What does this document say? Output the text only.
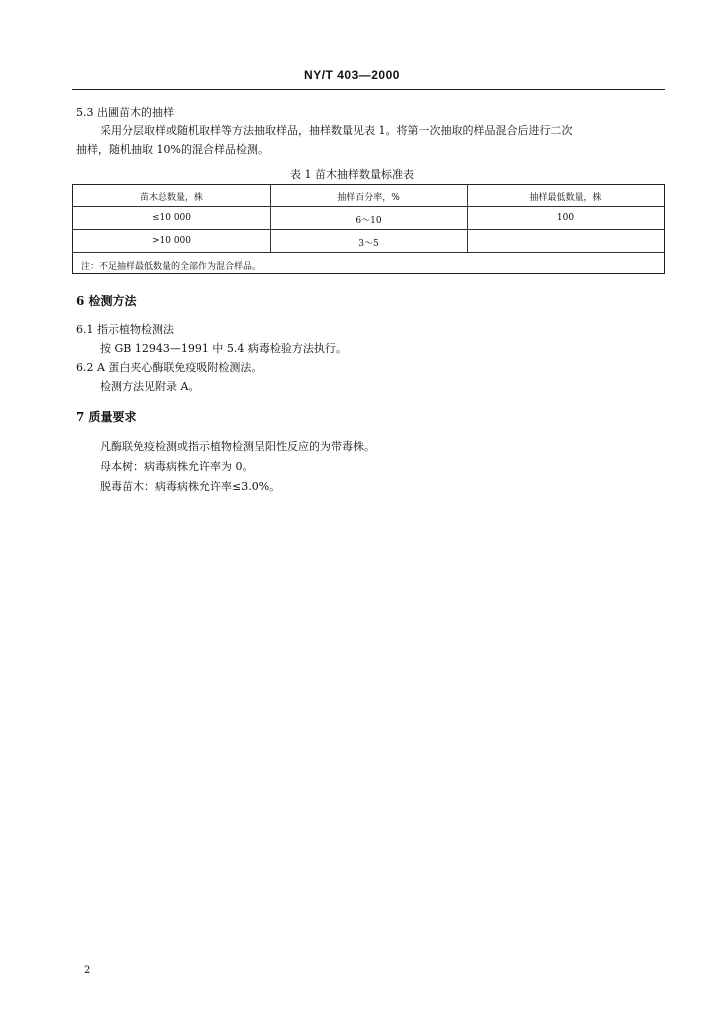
NY/T 403—2000
5.3 出圃苗木的抽样
采用分层取样或随机取样等方法抽取样品，抽样数量见表 1。将第一次抽取的样品混合后进行二次
抽样，随机抽取 10%的混合样品检测。
表 1 苗木抽样数量标准表
苗木总数量，株	抽样百分率，%	抽样最低数量，株
≤10 000	6～10	100
>10 000	3～5
注：不足抽样最低数量的全部作为混合样品。
6 检测方法
6.1 指示植物检测法
按 GB 12943—1991 中 5.4 病毒检验方法执行。
6.2 A 蛋白夹心酶联免疫吸附检测法。
检测方法见附录 A。
7 质量要求
凡酶联免疫检测或指示植物检测呈阳性反应的为带毒株。
母本树：病毒病株允许率为 0。
脱毒苗木：病毒病株允许率≤3.0%。
2
